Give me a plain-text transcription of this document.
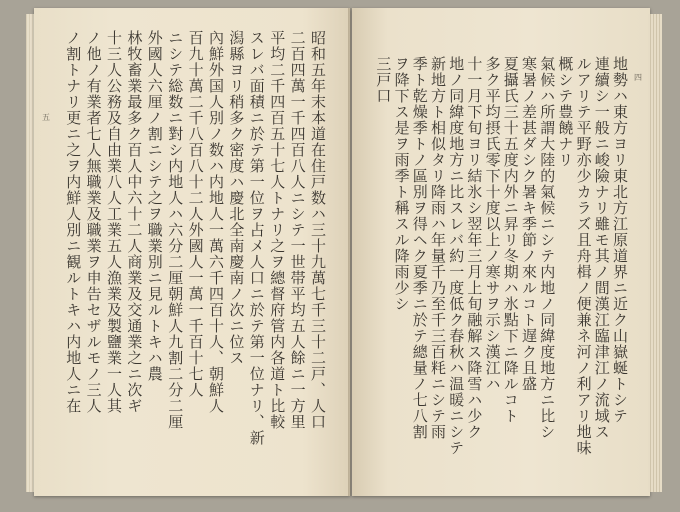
昭和五年末本道在住戸数ハ三十九萬七千三十二戸、人口
二百四萬一千四百八人ニシテ一世帯平均五人餘ニ一方里
平均二千四百五十七人トナリ之ヲ總督府管内各道ト比較
スレバ面積ニ於テ第一位ヲ占メ人口ニ於テ第一位ナリ、新
潟縣ヨリ稍多ク密度ハ慶北全南慶南ノ次ニ位ス
內鮮外国人別ノ数ハ内地人一萬六千四百十人、朝鮮人
百九十萬二千八百八十二人外國人一萬一千百十七人
ニシテ総数ニ對シ内地人ハ六分二厘朝鮮人九割二分二厘
外國人六厘ノ割ニシテ之ヲ職業別ニ見ルトキハ農
林牧畜業最多ク百人中六十二人商業及交通業之ニ次ギ
十三人公務及自由業八人工業五人漁業及製鹽業一人其
ノ他ノ有業者七人無職業及職業ヲ申告セザルモノ三人
ノ割トナリ更ニ之ヲ内鮮人別ニ観ルトキハ内地人ニ在
五	地勢ハ東方ヨリ東北方江原道界ニ近ク山嶽蜒トシテ
連續シ一般ニ峻險ナリ雖モ其ノ間漢江臨津江ノ流域ス
ルアリテ平野亦少カラズ且舟楫ノ便兼ネ河ノ利アリ地味
概シテ豊饒ナリ
氣候ハ所謂大陸的氣候ニシテ内地ノ同緯度地方ニ比シ
寒暑ノ差甚ダシク暑キ季節ノ來ルコト遅ク且盛
夏攝氏三十五度内外ニ昇リ冬期ハ氷點下ニ降ルコト
多ク平均摂氏零下十度以上ノ寒サヲ示シ漢江ハ
十一月下旬ヨリ結氷シ翌年三月上旬融解ス降雪ハ少ク
地ノ同緯度地方ニ比スレバ約一度低ク春秋ハ温暖ニシテ
新地方ト相似タリ降雨ハ年量千乃至千三百粍ニシテ雨
季ト乾燥季トノ區別ヲ得ヘク夏季ニ於テ總量ノ七八割
ヲ降下ス是ヲ雨季ト稱スル降雨少シ
三戸口	四
